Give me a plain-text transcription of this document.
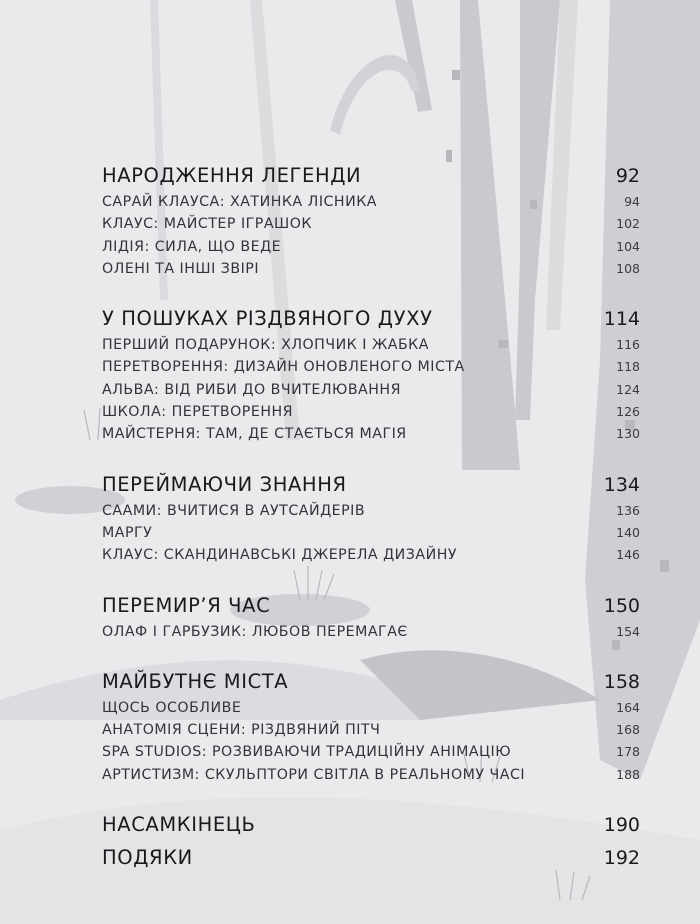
НАРОДЖЕННЯ ЛЕГЕНДИ	92
САРАЙ КЛАУСА: ХАТИНКА ЛІСНИКА	94
КЛАУС: МАЙСТЕР ІГРАШОК	102
ЛІДІЯ: СИЛА, ЩО ВЕДЕ	104
ОЛЕНІ ТА ІНШІ ЗВІРІ	108
У ПОШУКАХ РІЗДВЯНОГО ДУХУ	114
ПЕРШИЙ ПОДАРУНОК: ХЛОПЧИК І ЖАБКА	116
ПЕРЕТВОРЕННЯ: ДИЗАЙН ОНОВЛЕНОГО МІСТА	118
АЛЬВА: ВІД РИБИ ДО ВЧИТЕЛЮВАННЯ	124
ШКОЛА: ПЕРЕТВОРЕННЯ	126
МАЙСТЕРНЯ: ТАМ, ДЕ СТАЄТЬСЯ МАГІЯ	130
ПЕРЕЙМАЮЧИ ЗНАННЯ	134
СААМИ: ВЧИТИСЯ В АУТСАЙДЕРІВ	136
МАРГУ	140
КЛАУС: СКАНДИНАВСЬКІ ДЖЕРЕЛА ДИЗАЙНУ	146
ПЕРЕМИР’Я ЧАС	150
ОЛАФ І ГАРБУЗИК: ЛЮБОВ ПЕРЕМАГАЄ	154
МАЙБУТНЄ МІСТА	158
ЩОСЬ ОСОБЛИВЕ	164
АНАТОМІЯ СЦЕНИ: РІЗДВЯНИЙ ПІТЧ	168
SPA STUDIOS: РОЗВИВАЮЧИ ТРАДИЦІЙНУ АНІМАЦІЮ	178
АРТИСТИЗМ: СКУЛЬПТОРИ СВІТЛА В РЕАЛЬНОМУ ЧАСІ	188
НАСАМКІНЕЦЬ	190
ПОДЯКИ	192
